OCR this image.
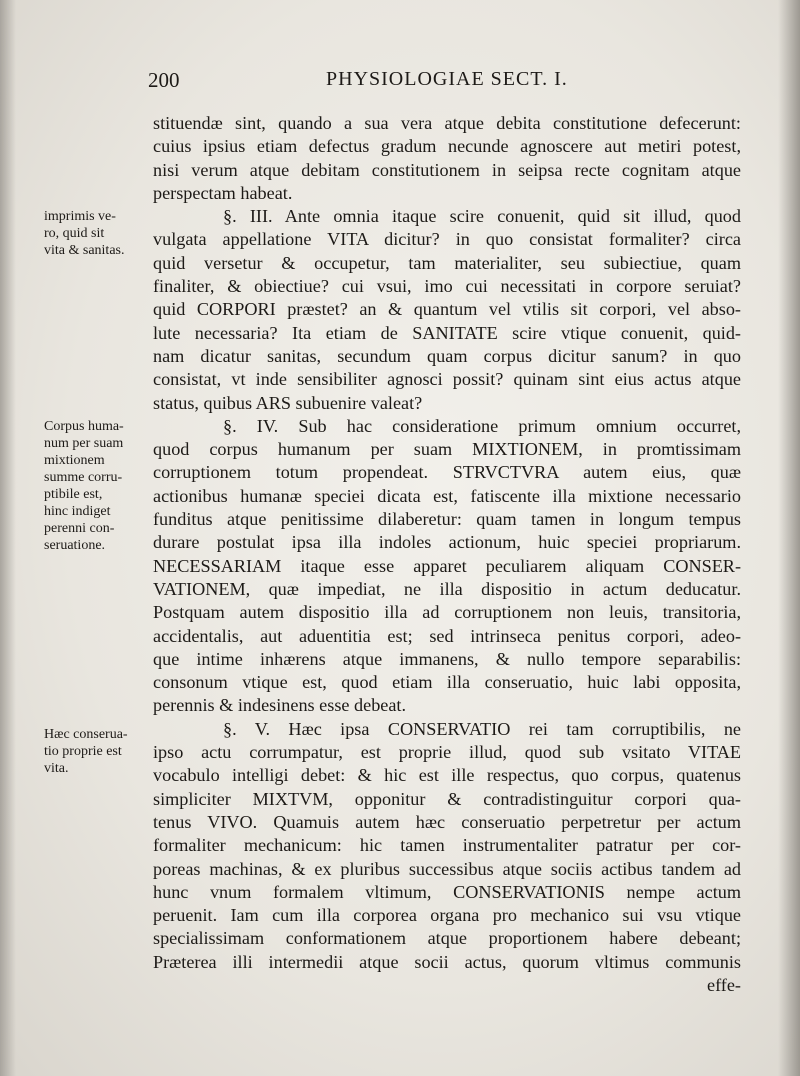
200	PHYSIOLOGIAE SECT. I.
imprimis ve-
ro, quid sit
vita & sanitas.
Corpus huma-
num per suam
mixtionem
summe corru-
ptibile est,
hinc indiget
perenni con-
seruatione.
Hæc conserua-
tio proprie est
vita.
stituendæ sint, quando a sua vera atque debita constitutione defecerunt:
cuius ipsius etiam defectus gradum necunde agnoscere aut metiri potest,
nisi verum atque debitam constitutionem in seipsa recte cognitam atque
perspectam habeat.
§. III. Ante omnia itaque scire conuenit, quid sit illud, quod
vulgata appellatione VITA dicitur? in quo consistat formaliter? circa
quid versetur & occupetur, tam materialiter, seu subiectiue, quam
finaliter, & obiectiue? cui vsui, imo cui necessitati in corpore seruiat?
quid CORPORI præstet? an & quantum vel vtilis sit corpori, vel abso-
lute necessaria? Ita etiam de SANITATE scire vtique conuenit, quid-
nam dicatur sanitas, secundum quam corpus dicitur sanum? in quo
consistat, vt inde sensibiliter agnosci possit? quinam sint eius actus atque
status, quibus ARS subuenire valeat?
§. IV. Sub hac consideratione primum omnium occurret,
quod corpus humanum per suam MIXTIONEM, in promtissimam
corruptionem totum propendeat. STRVCTVRA autem eius, quæ
actionibus humanæ speciei dicata est, fatiscente illa mixtione necessario
funditus atque penitissime dilaberetur: quam tamen in longum tempus
durare postulat ipsa illa indoles actionum, huic speciei propriarum.
NECESSARIAM itaque esse apparet peculiarem aliquam CONSER-
VATIONEM, quæ impediat, ne illa dispositio in actum deducatur.
Postquam autem dispositio illa ad corruptionem non leuis, transitoria,
accidentalis, aut aduentitia est; sed intrinseca penitus corpori, adeo-
que intime inhærens atque immanens, & nullo tempore separabilis:
consonum vtique est, quod etiam illa conseruatio, huic labi opposita,
perennis & indesinens esse debeat.
§. V. Hæc ipsa CONSERVATIO rei tam corruptibilis, ne
ipso actu corrumpatur, est proprie illud, quod sub vsitato VITAE
vocabulo intelligi debet: & hic est ille respectus, quo corpus, quatenus
simpliciter MIXTVM, opponitur & contradistinguitur corpori qua-
tenus VIVO. Quamuis autem hæc conseruatio perpetretur per actum
formaliter mechanicum: hic tamen instrumentaliter patratur per cor-
poreas machinas, & ex pluribus successibus atque sociis actibus tandem ad
hunc vnum formalem vltimum, CONSERVATIONIS nempe actum
peruenit. Iam cum illa corporea organa pro mechanico sui vsu vtique
specialissimam conformationem atque proportionem habere debeant;
Præterea illi intermedii atque socii actus, quorum vltimus communis
effe-
